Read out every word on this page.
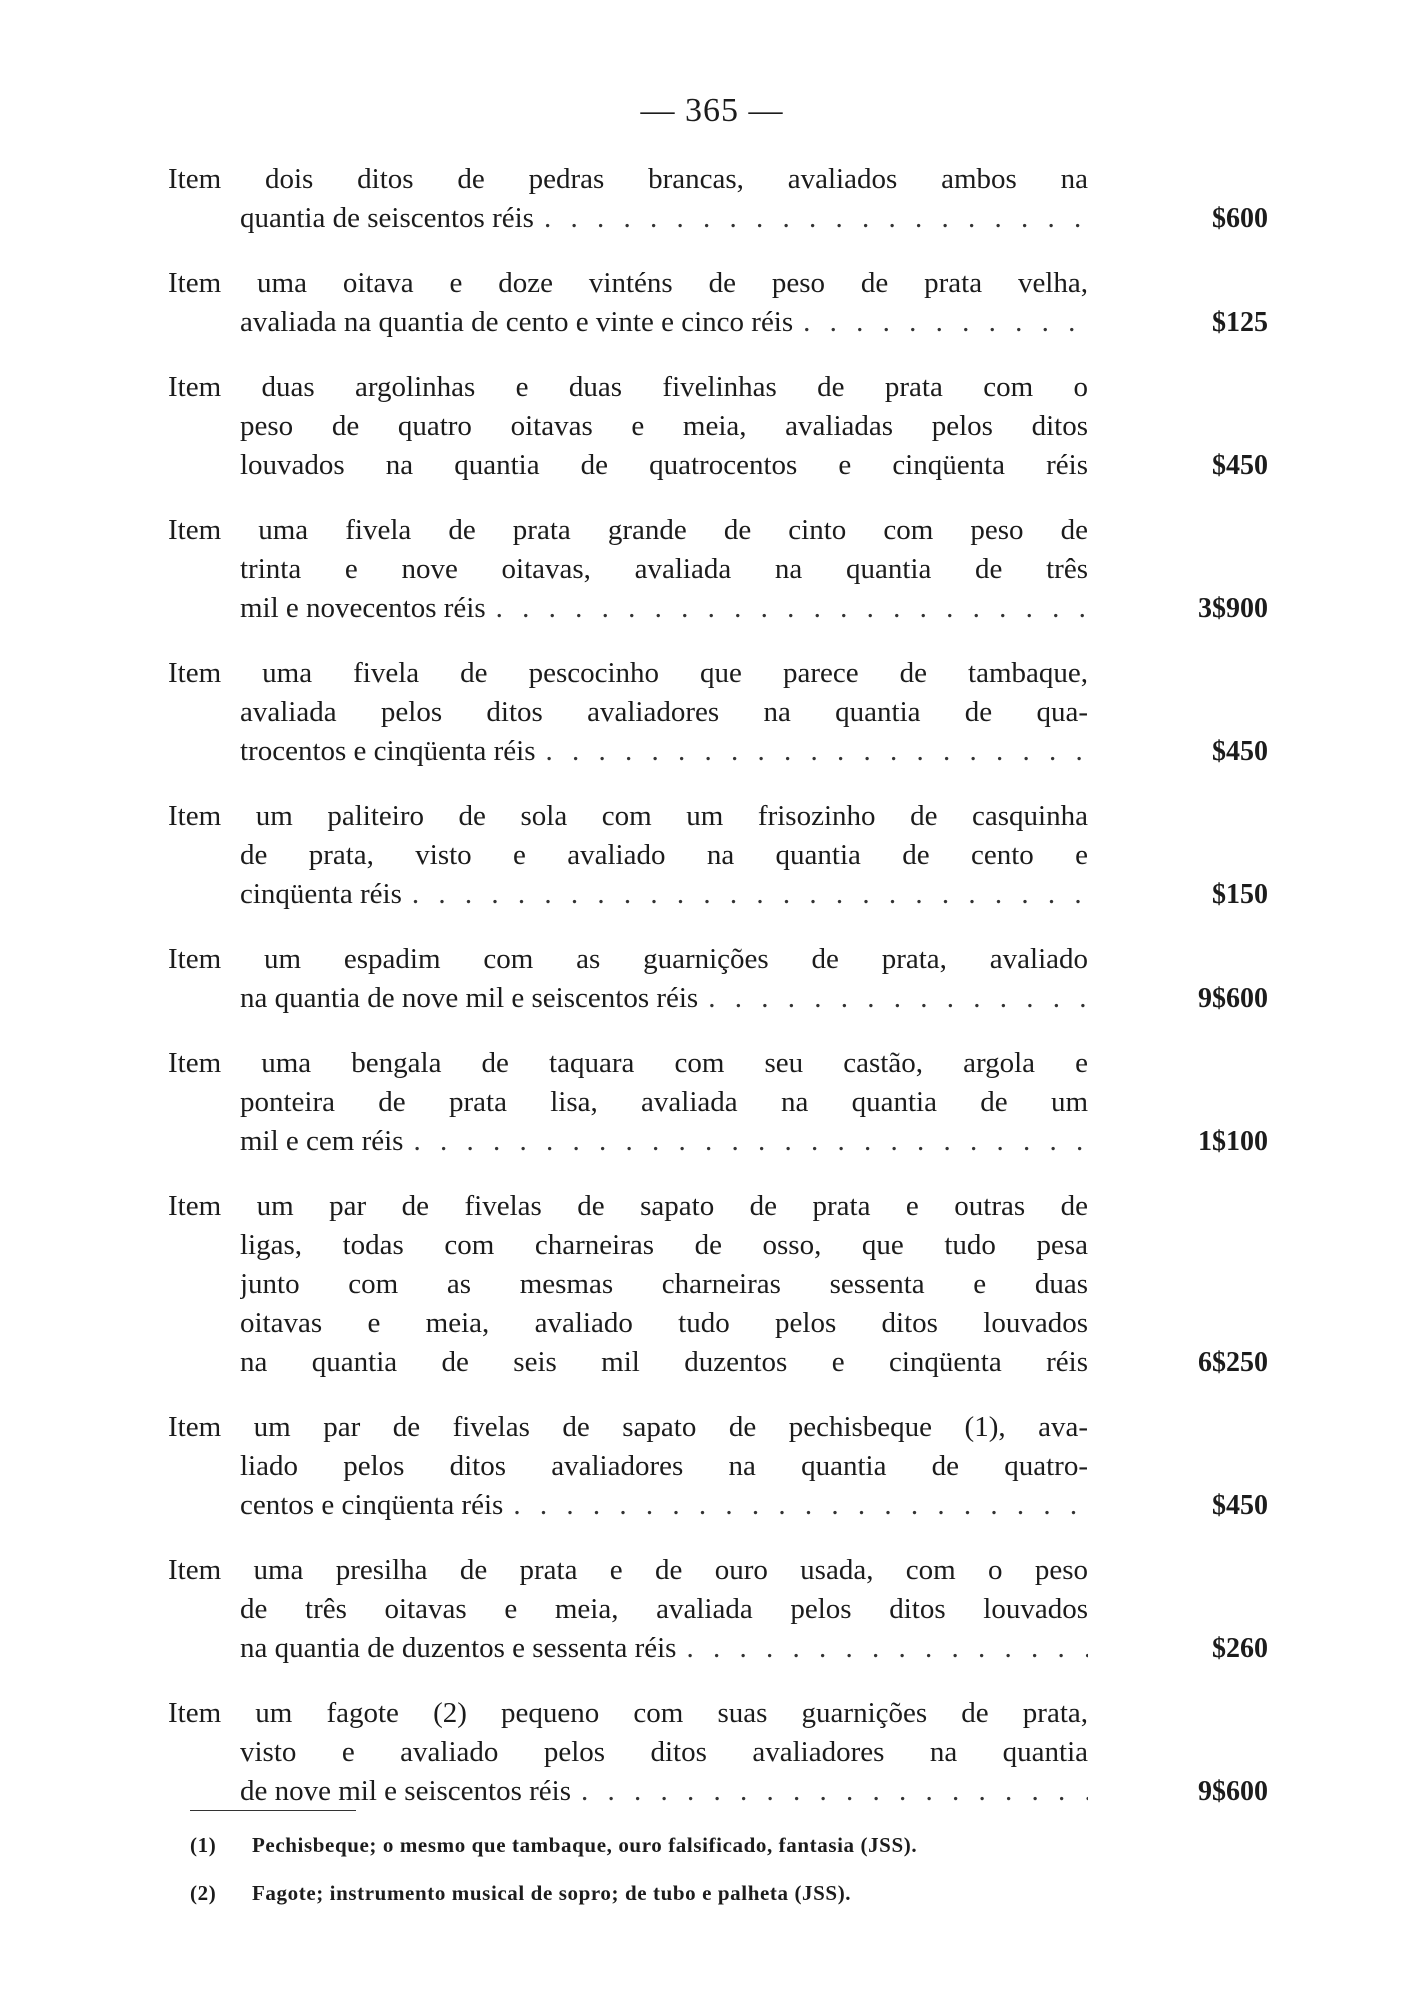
— 365 —
Item dois ditos de pedras brancas, avaliados ambos na
quantia de seiscentos réis . . .	$600
Item uma oitava e doze vinténs de peso de prata velha,
avaliada na quantia de cento e vinte e cinco réis . . .	$125
Item duas argolinhas e duas fivelinhas de prata com o
peso de quatro oitavas e meia, avaliadas pelos ditos
louvados na quantia de quatrocentos e cinqüenta réis	$450
Item uma fivela de prata grande de cinto com peso de
trinta e nove oitavas, avaliada na quantia de três
mil e novecentos réis . . .	3$900
Item uma fivela de pescocinho que parece de tambaque,
avaliada pelos ditos avaliadores na quantia de qua-
trocentos e cinqüenta réis . . .	$450
Item um paliteiro de sola com um frisozinho de casquinha
de prata, visto e avaliado na quantia de cento e
cinqüenta réis . . .	$150
Item um espadim com as guarnições de prata, avaliado
na quantia de nove mil e seiscentos réis . . .	9$600
Item uma bengala de taquara com seu castão, argola e
ponteira de prata lisa, avaliada na quantia de um
mil e cem réis . . .	1$100
Item um par de fivelas de sapato de prata e outras de
ligas, todas com charneiras de osso, que tudo pesa
junto com as mesmas charneiras sessenta e duas
oitavas e meia, avaliado tudo pelos ditos louvados
na quantia de seis mil duzentos e cinqüenta réis	6$250
Item um par de fivelas de sapato de pechisbeque (1), ava-
liado pelos ditos avaliadores na quantia de quatro-
centos e cinqüenta réis . . .	$450
Item uma presilha de prata e de ouro usada, com o peso
de três oitavas e meia, avaliada pelos ditos louvados
na quantia de duzentos e sessenta réis . . .	$260
Item um fagote (2) pequeno com suas guarnições de prata,
visto e avaliado pelos ditos avaliadores na quantia
de nove mil e seiscentos réis . . .	9$600
(1) Pechisbeque; o mesmo que tambaque, ouro falsificado, fantasia (JSS).
(2) Fagote; instrumento musical de sopro; de tubo e palheta (JSS).
